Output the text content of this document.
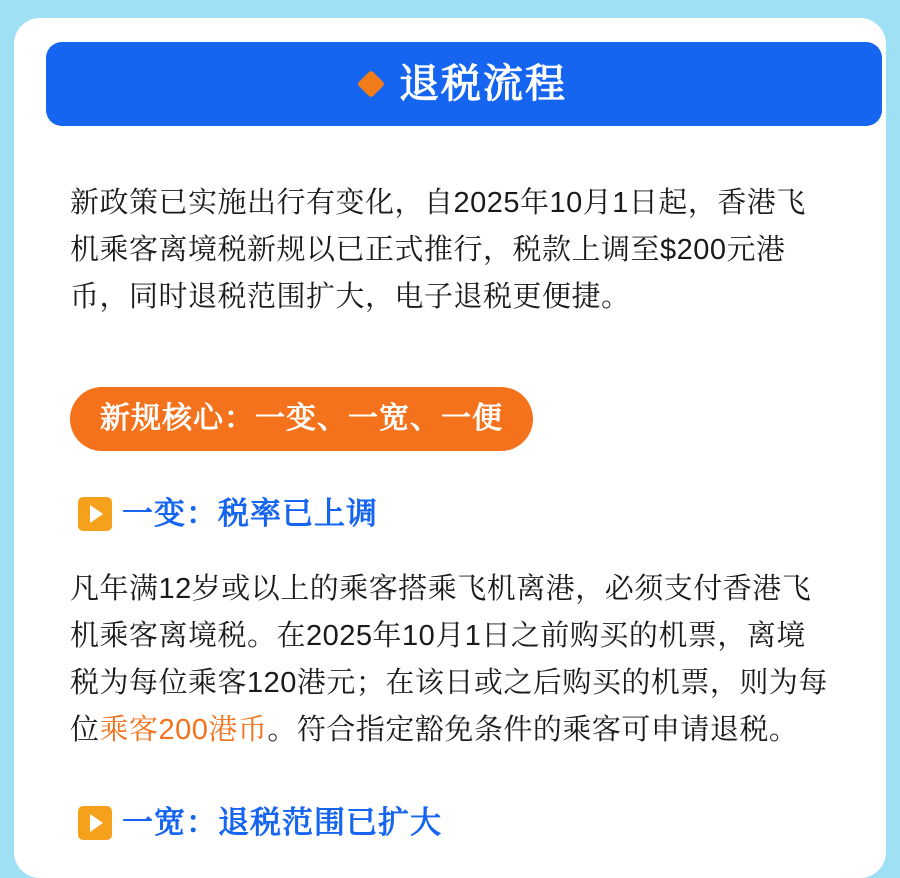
退税流程

新政策已实施出行有变化，自2025年10月1日起，香港飞机乘客离境税新规以已正式推行，税款上调至$200元港币，同时退税范围扩大，电子退税更便捷。

新规核心：一变、一宽、一便
一变：税率已上调

凡年满12岁或以上的乘客搭乘飞机离港，必须支付香港飞机乘客离境税。在2025年10月1日之前购买的机票，离境税为每位乘客120港元；在该日或之后购买的机票，则为每位乘客200港币。符合指定豁免条件的乘客可申请退税。

一宽：退税范围已扩大
